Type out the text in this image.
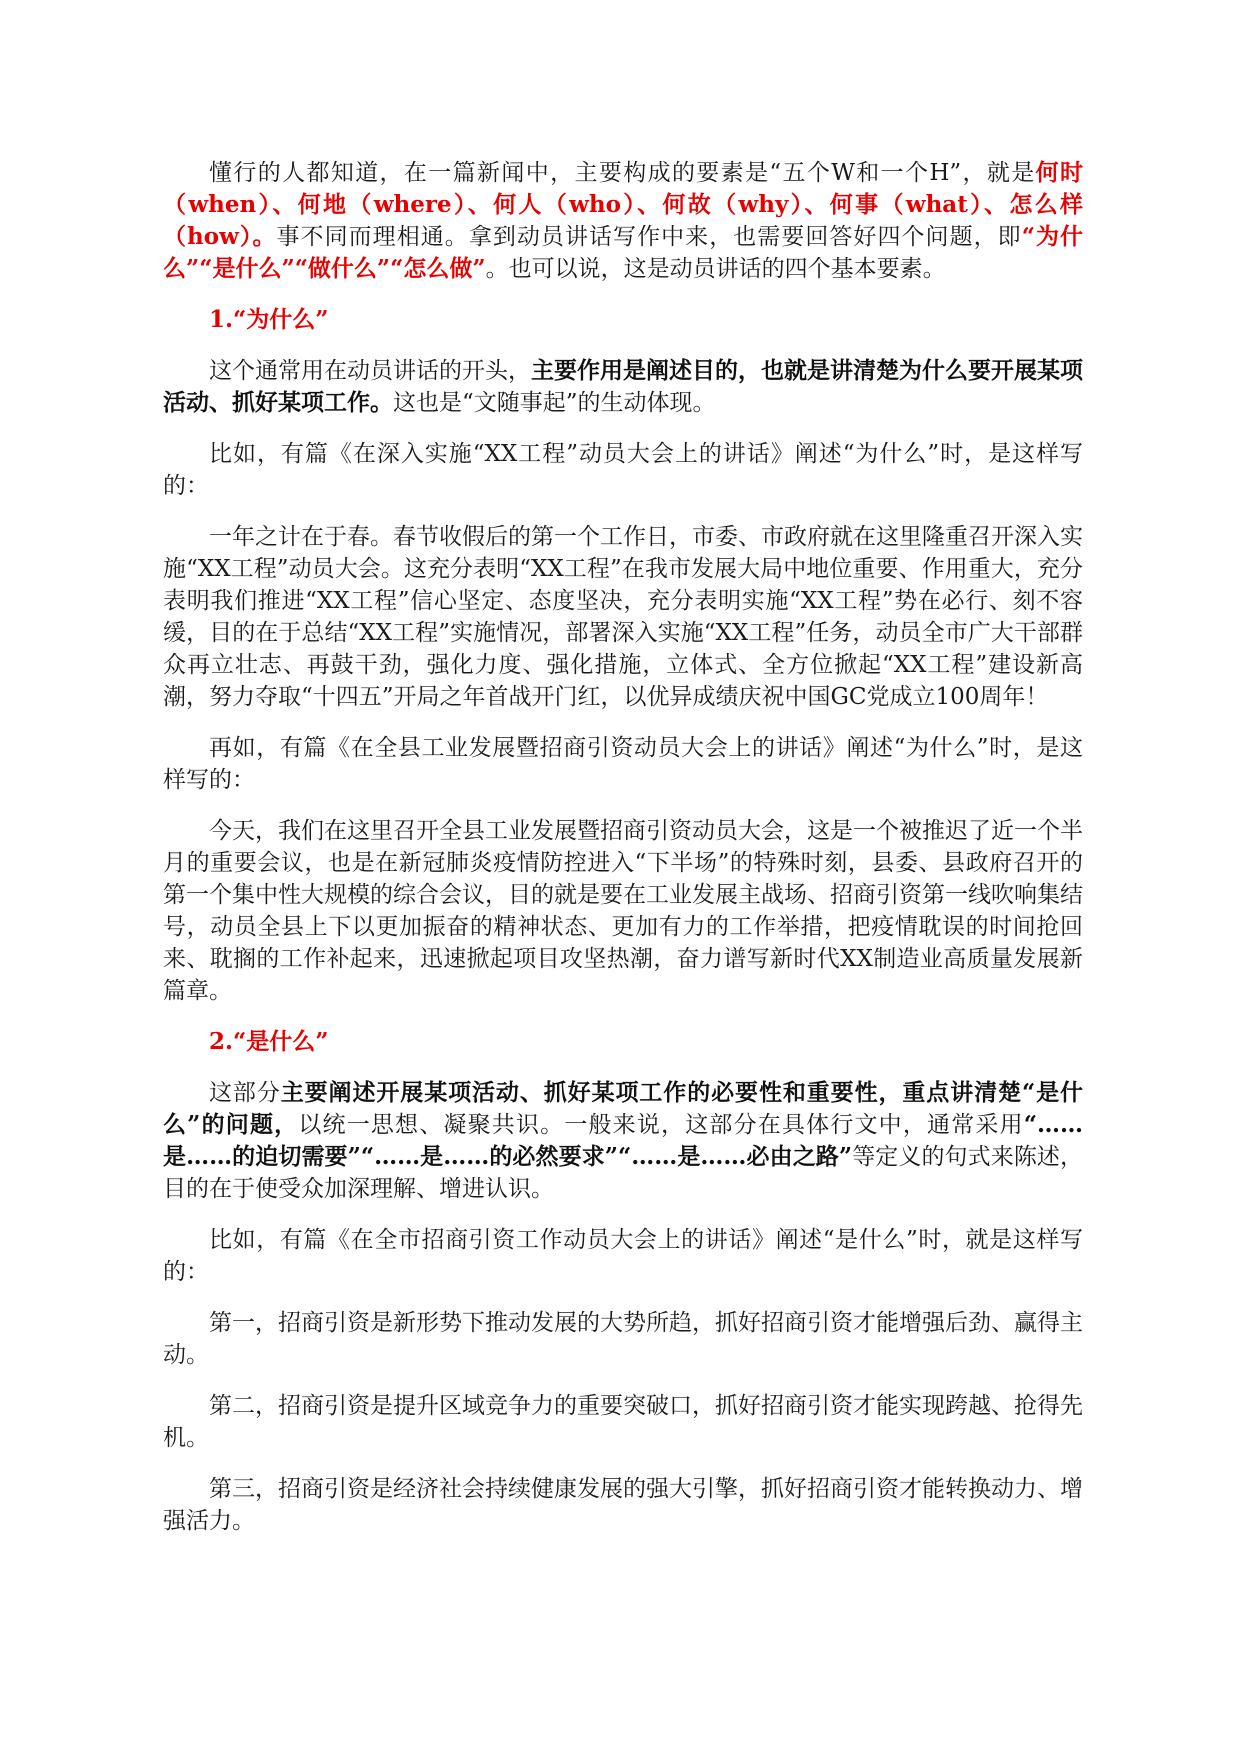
懂行的人都知道，在一篇新闻中，主要构成的要素是“五个W和一个H”，就是何时（when）、何地（where）、何人（who）、何故（why）、何事（what）、怎么样（how）。事不同而理相通。拿到动员讲话写作中来，也需要回答好四个问题，即“为什么”“是什么”“做什么”“怎么做”。也可以说，这是动员讲话的四个基本要素。

1.“为什么”

这个通常用在动员讲话的开头，主要作用是阐述目的，也就是讲清楚为什么要开展某项活动、抓好某项工作。这也是“文随事起”的生动体现。

比如，有篇《在深入实施“XX工程”动员大会上的讲话》阐述“为什么”时，是这样写的：

一年之计在于春。春节收假后的第一个工作日，市委、市政府就在这里隆重召开深入实施“XX工程”动员大会。这充分表明“XX工程”在我市发展大局中地位重要、作用重大，充分表明我们推进“XX工程”信心坚定、态度坚决，充分表明实施“XX工程”势在必行、刻不容缓，目的在于总结“XX工程”实施情况，部署深入实施“XX工程”任务，动员全市广大干部群众再立壮志、再鼓干劲，强化力度、强化措施，立体式、全方位掀起“XX工程”建设新高潮，努力夺取“十四五”开局之年首战开门红，以优异成绩庆祝中国GC党成立100周年！

再如，有篇《在全县工业发展暨招商引资动员大会上的讲话》阐述“为什么”时，是这样写的：

今天，我们在这里召开全县工业发展暨招商引资动员大会，这是一个被推迟了近一个半月的重要会议，也是在新冠肺炎疫情防控进入“下半场”的特殊时刻，县委、县政府召开的第一个集中性大规模的综合会议，目的就是要在工业发展主战场、招商引资第一线吹响集结号，动员全县上下以更加振奋的精神状态、更加有力的工作举措，把疫情耽误的时间抢回来、耽搁的工作补起来，迅速掀起项目攻坚热潮，奋力谱写新时代XX制造业高质量发展新篇章。

2.“是什么”

这部分主要阐述开展某项活动、抓好某项工作的必要性和重要性，重点讲清楚“是什么”的问题，以统一思想、凝聚共识。一般来说，这部分在具体行文中，通常采用“……是……的迫切需要”“……是……的必然要求”“……是……必由之路”等定义的句式来陈述，目的在于使受众加深理解、增进认识。

比如，有篇《在全市招商引资工作动员大会上的讲话》阐述“是什么”时，就是这样写的：

第一，招商引资是新形势下推动发展的大势所趋，抓好招商引资才能增强后劲、赢得主动。

第二，招商引资是提升区域竞争力的重要突破口，抓好招商引资才能实现跨越、抢得先机。

第三，招商引资是经济社会持续健康发展的强大引擎，抓好招商引资才能转换动力、增强活力。
